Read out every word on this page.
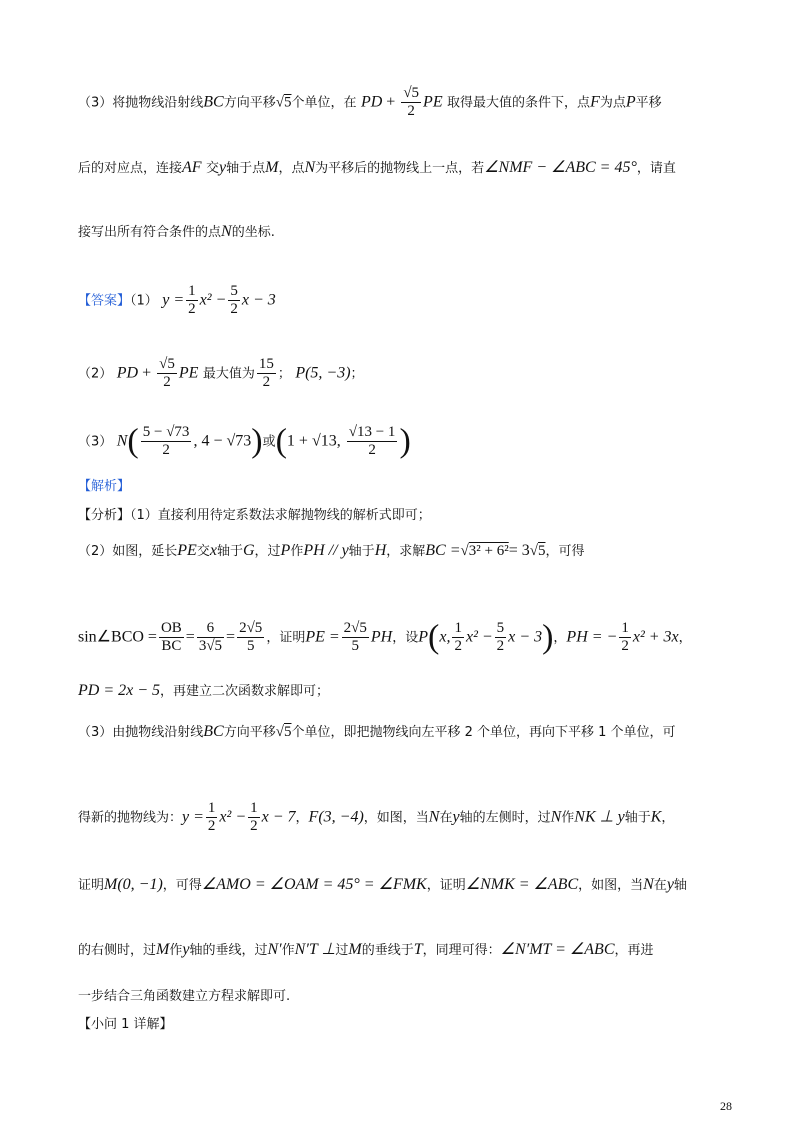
（3）将抛物线沿射线BC方向平移√5个单位，在 PD + $\frac{√5}{2}$ PE 取得最大值的条件下，点F为点P平移
后的对应点，连接AF 交y轴于点M，点N为平移后的抛物线上一点，若∠NMF − ∠ABC = 45°，请直
接写出所有符合条件的点N的坐标.
【答案】（1） $y = \frac{1}{2} x^2 - \frac{5}{2}$ x − 3
（2） PD + $\frac{√5}{2}$ PE 最大值为 $\frac{15}{2}$ ； P(5, −3)；
（3） $N( \frac{5 - √73}{2}$ , 4 − √73)或(1 + √13, $\frac{√13 - 1}{2}$ )
【解析】
【分析】（1）直接利用待定系数法求解抛物线的解析式即可；
（2）如图，延长PE交x轴于G，过P作PH // y轴于H，求解BC =√3² + 6²= 3√5，可得
sin∠BCO = $\frac{OB}{BC} = \frac{6}{3√5} = \frac{2√5}{5}$ ，证明PE = $\frac{2√5}{5}$ PH，设P(x, $\frac{1}{2} x^2 - \frac{5}{2}$ x − 3)，PH = − $\frac{1}{2} x^2 + 3x$，
PD = 2x − 5，再建立二次函数求解即可；
（3）由抛物线沿射线BC方向平移√5个单位，即把抛物线向左平移 2 个单位，再向下平移 1 个单位，可
得新的抛物线为：$y = \frac{1}{2} x^2 - \frac{1}{2}$ x − 7，F(3, −4)，如图，当N在y轴的左侧时，过N作NK ⊥ y轴于K，
证明M(0, −1)，可得∠AMO = ∠OAM = 45° = ∠FMK，证明∠NMK = ∠ABC，如图，当N在y轴
的右侧时，过M作y轴的垂线，过N′作N′T ⊥过M的垂线于T，同理可得：∠N′MT = ∠ABC，再进
一步结合三角函数建立方程求解即可.
【小问 1 详解】
28
